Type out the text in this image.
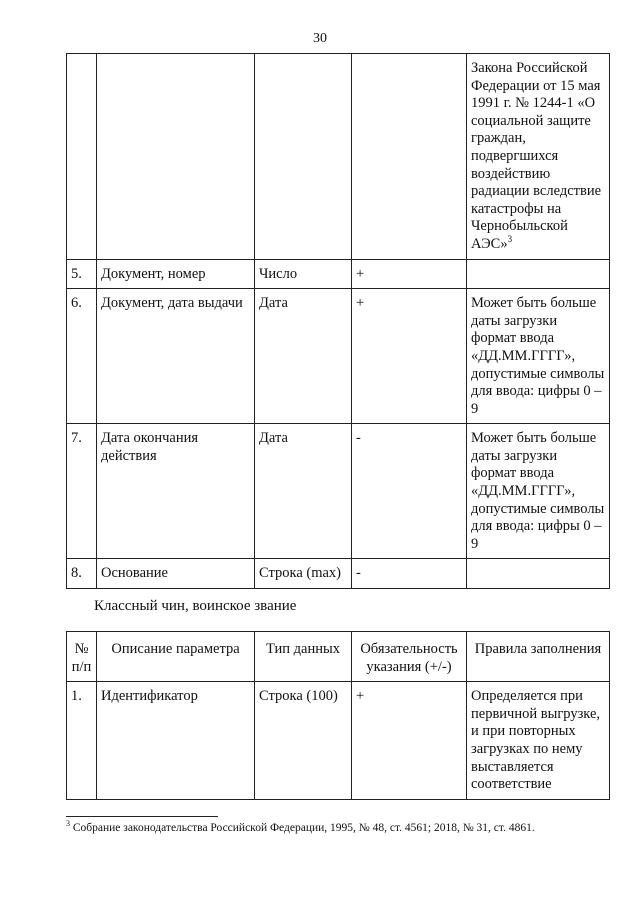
30
				Закона Российской Федерации от 15 мая 1991 г. № 1244-1 «О социальной защите граждан, подвергшихся воздействию радиации вследствие катастрофы на Чернобыльской АЭС»$^3$
5.	Документ, номер	Число	+	
6.	Документ, дата выдачи	Дата	+	Может быть больше даты загрузки формат ввода «ДД.ММ.ГГГГ», допустимые символы для ввода: цифры 0 – 9
7.	Дата окончания действия	Дата	-	Может быть больше даты загрузки формат ввода «ДД.ММ.ГГГГ», допустимые символы для ввода: цифры 0 – 9
8.	Основание	Строка (max)	-	
Классный чин, воинское звание
№ п/п	Описание параметра	Тип данных	Обязательность указания (+/-)	Правила заполнения
1.	Идентификатор	Строка (100)	+	Определяется при первичной выгрузке, и при повторных загрузках по нему выставляется соответствие
$^3$ Собрание законодательства Российской Федерации, 1995, № 48, ст. 4561; 2018, № 31, ст. 4861.
